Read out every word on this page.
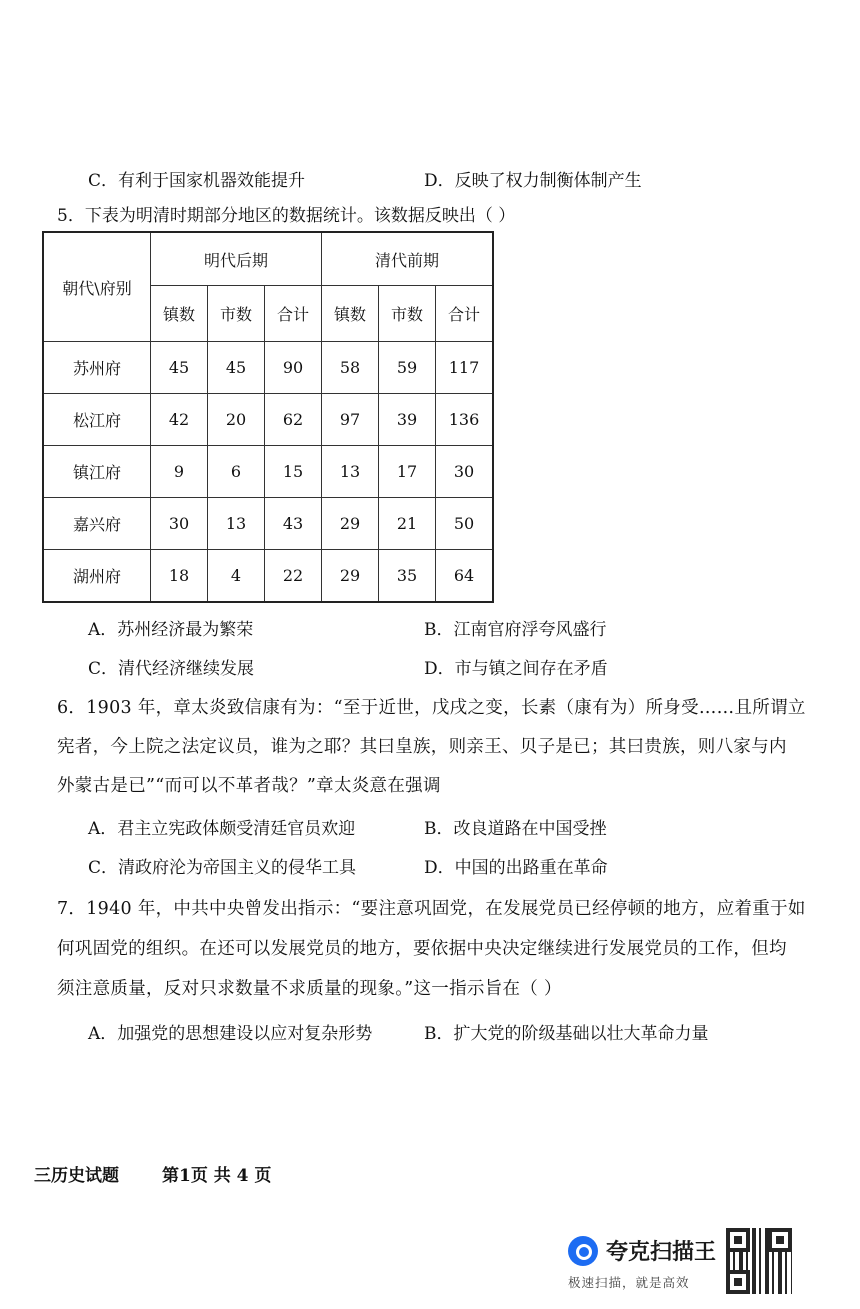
C．有利于国家机器效能提升	D．反映了权力制衡体制产生
5．下表为明清时期部分地区的数据统计。该数据反映出（ ）
朝代\府别	明代后期			清代前期		
	镇数	市数	合计	镇数	市数	合计
苏州府	45	45	90	58	59	117
松江府	42	20	62	97	39	136
镇江府	9	6	15	13	17	30
嘉兴府	30	13	43	29	21	50
湖州府	18	4	22	29	35	64
A．苏州经济最为繁荣	B．江南官府浮夸风盛行
C．清代经济继续发展	D．市与镇之间存在矛盾
6．1903 年，章太炎致信康有为：“至于近世，戊戌之变，长素（康有为）所身受……且所谓立
宪者，今上院之法定议员，谁为之耶？其曰皇族，则亲王、贝子是已；其曰贵族，则八家与内
外蒙古是已”“而可以不革者哉？”章太炎意在强调
A．君主立宪政体颇受清廷官员欢迎	B．改良道路在中国受挫
C．清政府沦为帝国主义的侵华工具	D．中国的出路重在革命
7．1940 年，中共中央曾发出指示：“要注意巩固党，在发展党员已经停顿的地方，应着重于如
何巩固党的组织。在还可以发展党员的地方，要依据中央决定继续进行发展党员的工作，但均
须注意质量，反对只求数量不求质量的现象。”这一指示旨在（ ）
A．加强党的思想建设以应对复杂形势	B．扩大党的阶级基础以壮大革命力量
三历史试题	第1页 共 4 页
夸克扫描王
极速扫描，就是高效
